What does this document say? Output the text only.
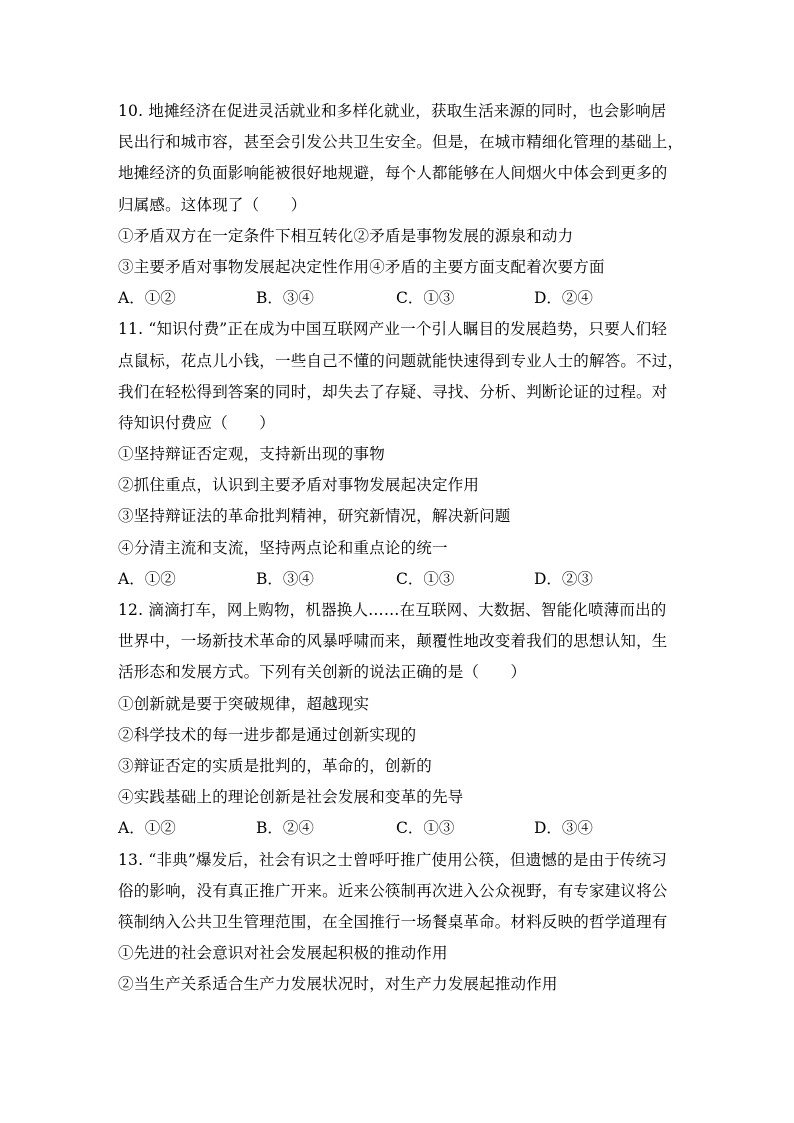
10. 地摊经济在促进灵活就业和多样化就业，获取生活来源的同时，也会影响居
民出行和城市容，甚至会引发公共卫生安全。但是，在城市精细化管理的基础上，
地摊经济的负面影响能被很好地规避，每个人都能够在人间烟火中体会到更多的
归属感。这体现了（　　）
①矛盾双方在一定条件下相互转化②矛盾是事物发展的源泉和动力
③主要矛盾对事物发展起决定性作用④矛盾的主要方面支配着次要方面
A．①②	B．③④	C．①③	D．②④
11. “知识付费”正在成为中国互联网产业一个引人瞩目的发展趋势，只要人们轻
点鼠标，花点儿小钱，一些自己不懂的问题就能快速得到专业人士的解答。不过，
我们在轻松得到答案的同时，却失去了存疑、寻找、分析、判断论证的过程。对
待知识付费应（　　）
①坚持辩证否定观，支持新出现的事物
②抓住重点，认识到主要矛盾对事物发展起决定作用
③坚持辩证法的革命批判精神，研究新情况，解决新问题
④分清主流和支流，坚持两点论和重点论的统一
A．①②	B．③④	C．①③	D．②③
12. 滴滴打车，网上购物，机器换人……在互联网、大数据、智能化喷薄而出的
世界中，一场新技术革命的风暴呼啸而来，颠覆性地改变着我们的思想认知，生
活形态和发展方式。下列有关创新的说法正确的是（　　）
①创新就是要于突破规律，超越现实
②科学技术的每一进步都是通过创新实现的
③辩证否定的实质是批判的，革命的，创新的
④实践基础上的理论创新是社会发展和变革的先导
A．①②	B．②④	C．①③	D．③④
13. “非典”爆发后，社会有识之士曾呼吁推广使用公筷，但遗憾的是由于传统习
俗的影响，没有真正推广开来。近来公筷制再次进入公众视野，有专家建议将公
筷制纳入公共卫生管理范围，在全国推行一场餐桌革命。材料反映的哲学道理有
①先进的社会意识对社会发展起积极的推动作用
②当生产关系适合生产力发展状况时，对生产力发展起推动作用
